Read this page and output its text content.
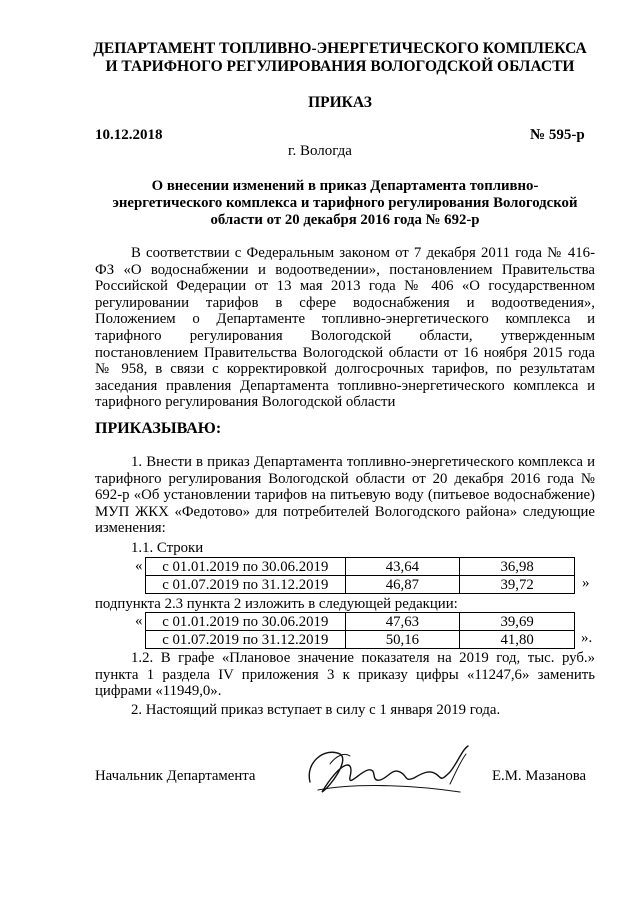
ДЕПАРТАМЕНТ ТОПЛИВНО-ЭНЕРГЕТИЧЕСКОГО КОМПЛЕКСА
И ТАРИФНОГО РЕГУЛИРОВАНИЯ ВОЛОГОДСКОЙ ОБЛАСТИ
ПРИКАЗ
10.12.2018	№ 595-р
г. Вологда
О внесении изменений в приказ Департамента топливно-
энергетического комплекса и тарифного регулирования Вологодской
области от 20 декабря 2016 года № 692-р

В соответствии с Федеральным законом от 7 декабря 2011 года № 416-ФЗ «О водоснабжении и водоотведении», постановлением Правительства Российской Федерации от 13 мая 2013 года № 406 «О государственном регулировании тарифов в сфере водоснабжения и водоотведения», Положением о Департаменте топливно-энергетического комплекса и тарифного регулирования Вологодской области, утвержденным постановлением Правительства Вологодской области от 16 ноября 2015 года № 958, в связи с корректировкой долгосрочных тарифов, по результатам заседания правления Департамента топливно-энергетического комплекса и тарифного регулирования Вологодской области

ПРИКАЗЫВАЮ:

1. Внести в приказ Департамента топливно-энергетического комплекса и тарифного регулирования Вологодской области от 20 декабря 2016 года № 692-р «Об установлении тарифов на питьевую воду (питьевое водоснабжение) МУП ЖКХ «Федотово» для потребителей Вологодского района» следующие изменения:

1.1. Строки
« с 01.01.2019 по 30.06.2019	43,64	36,98
с 01.07.2019 по 31.12.2019	46,87	39,72	»
подпункта 2.3 пункта 2 изложить в следующей редакции:
« с 01.01.2019 по 30.06.2019	47,63	39,69
с 01.07.2019 по 31.12.2019	50,16	41,80	».

1.2. В графе «Плановое значение показателя на 2019 год, тыс. руб.» пункта 1 раздела IV приложения 3 к приказу цифры «11247,6» заменить цифрами «11949,0».

2. Настоящий приказ вступает в силу с 1 января 2019 года.

Начальник Департамента	Е.М. Мазанова
